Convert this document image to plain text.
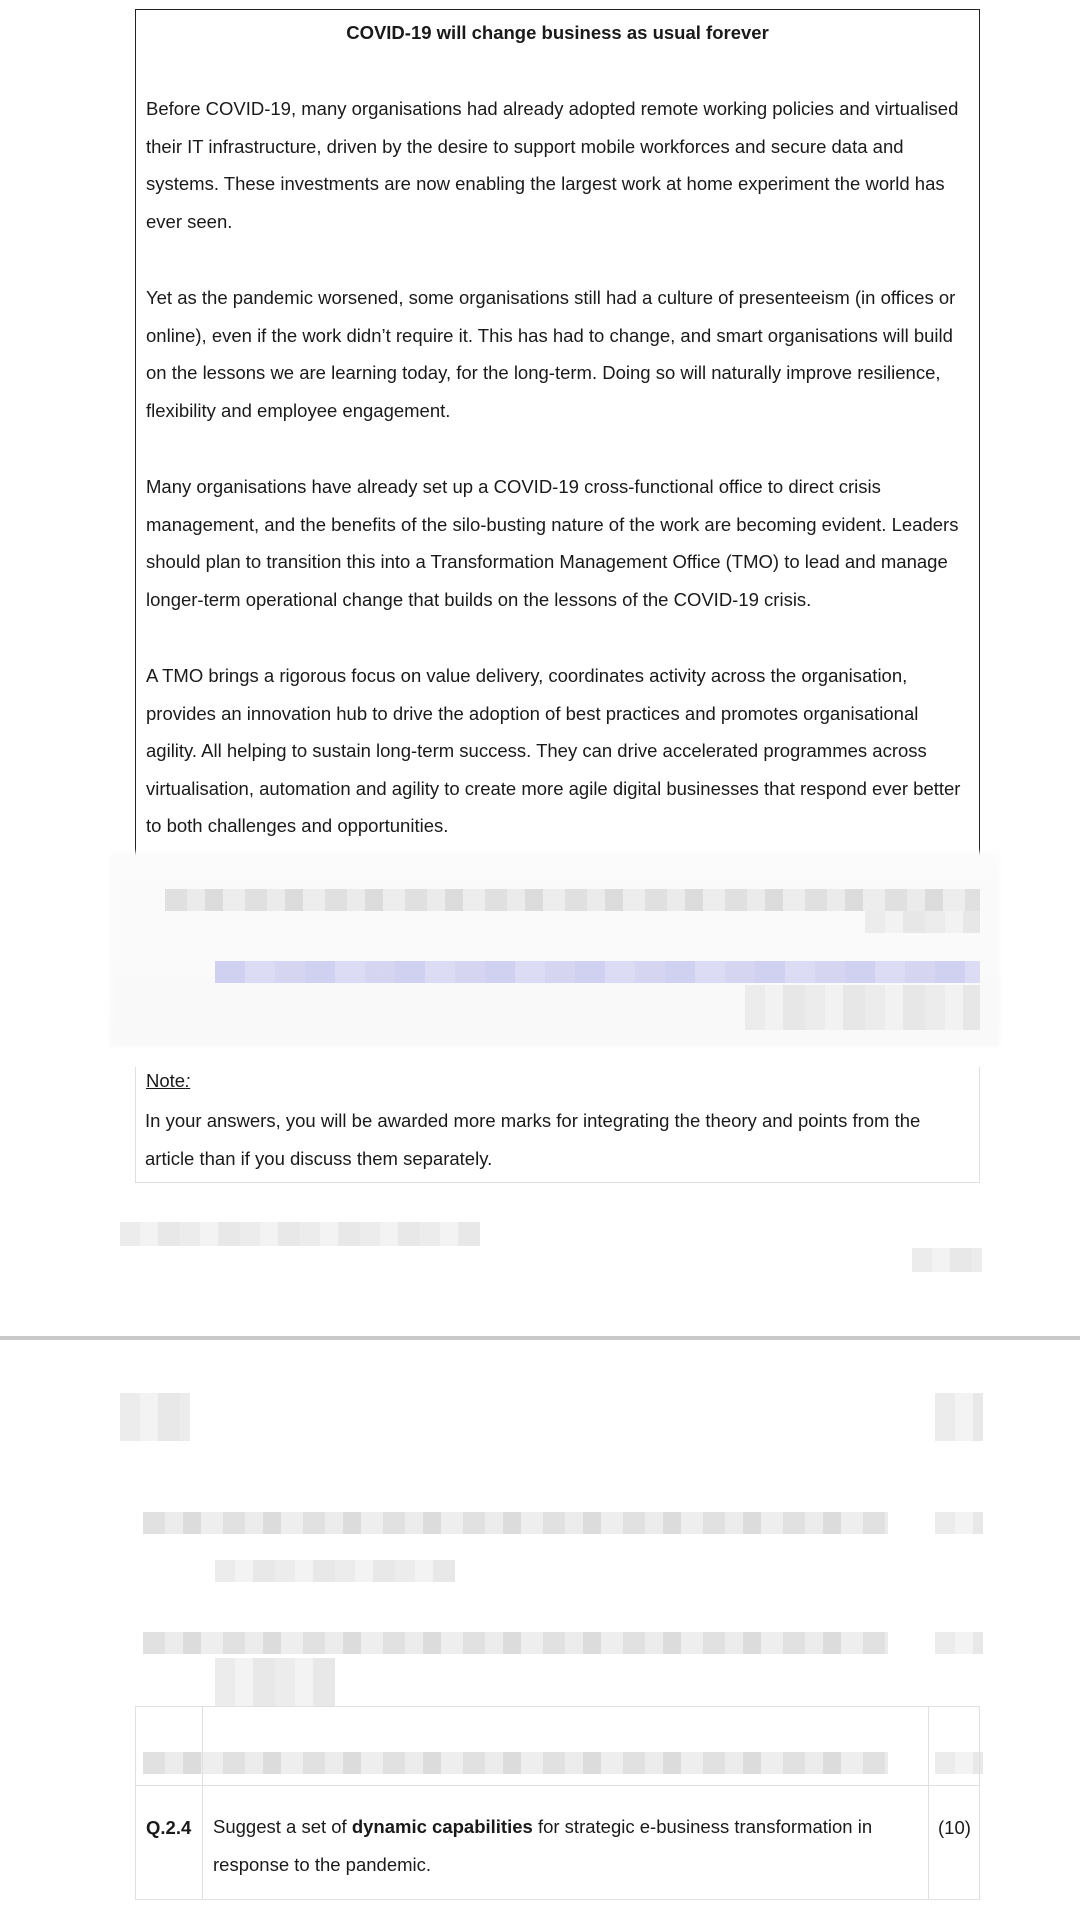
COVID-19 will change business as usual forever

Before COVID-19, many organisations had already adopted remote working policies and virtualised their IT infrastructure, driven by the desire to support mobile workforces and secure data and systems. These investments are now enabling the largest work at home experiment the world has ever seen.

Yet as the pandemic worsened, some organisations still had a culture of presenteeism (in offices or online), even if the work didn’t require it. This has had to change, and smart organisations will build on the lessons we are learning today, for the long-term. Doing so will naturally improve resilience, flexibility and employee engagement.

Many organisations have already set up a COVID-19 cross-functional office to direct crisis management, and the benefits of the silo-busting nature of the work are becoming evident. Leaders should plan to transition this into a Transformation Management Office (TMO) to lead and manage longer-term operational change that builds on the lessons of the COVID-19 crisis.

A TMO brings a rigorous focus on value delivery, coordinates activity across the organisation, provides an innovation hub to drive the adoption of best practices and promotes organisational agility. All helping to sustain long-term success. They can drive accelerated programmes across virtualisation, automation and agility to create more agile digital businesses that respond ever better to both challenges and opportunities.

Note:

In your answers, you will be awarded more marks for integrating the theory and points from the article than if you discuss them separately.

Q.2.4 Suggest a set of dynamic capabilities for strategic e-business transformation in response to the pandemic.

(10)
